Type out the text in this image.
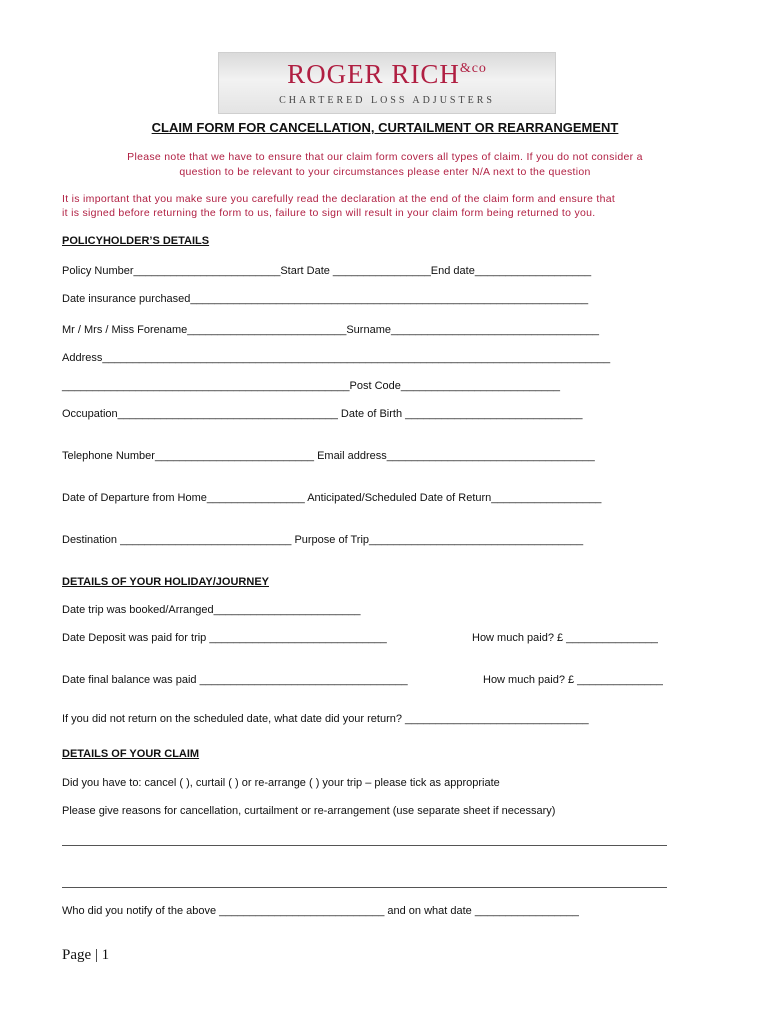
ROGER $RICH^{\&co}$
CHARTERED LOSS ADJUSTERS
CLAIM FORM FOR CANCELLATION, CURTAILMENT OR REARRANGEMENT
Please note that we have to ensure that our claim form covers all types of claim. If you do not consider a
question to be relevant to your circumstances please enter N/A next to the question
It is important that you make sure you carefully read the declaration at the end of the claim form and ensure that
it is signed before returning the form to us, failure to sign will result in your claim form being returned to you.
POLICYHOLDER’S DETAILS
Policy Number________________________Start Date ________________End date___________________
Date insurance purchased_________________________________________________________________
Mr / Mrs / Miss Forename__________________________Surname__________________________________
Address___________________________________________________________________________________
_______________________________________________Post Code__________________________
Occupation____________________________________ Date of Birth _____________________________
Telephone Number__________________________ Email address__________________________________
Date of Departure from Home________________ Anticipated/Scheduled Date of Return__________________
Destination ____________________________ Purpose of Trip___________________________________
DETAILS OF YOUR HOLIDAY/JOURNEY
Date trip was booked/Arranged________________________
Date Deposit was paid for trip _____________________________	How much paid? £ _______________
Date final balance was paid __________________________________	How much paid? £ ______________
If you did not return on the scheduled date, what date did your return? ______________________________
DETAILS OF YOUR CLAIM
Did you have to: cancel ( ), curtail ( ) or re-arrange ( ) your trip – please tick as appropriate
Please give reasons for cancellation, curtailment or re-arrangement (use separate sheet if necessary)
Who did you notify of the above ___________________________ and on what date _________________
Page | 1
